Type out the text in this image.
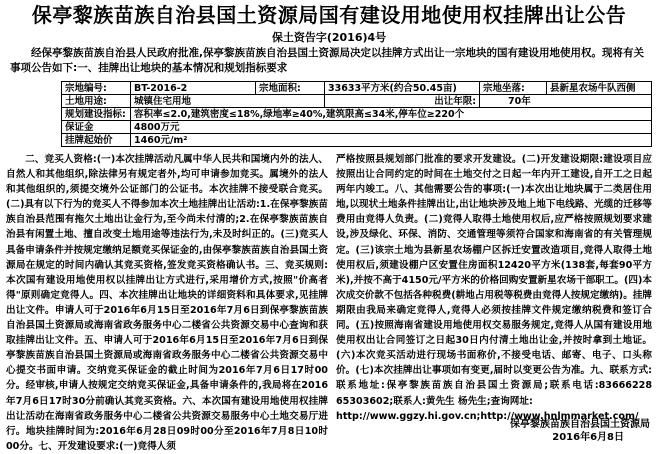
保亭黎族苗族自治县国土资源局国有建设用地使用权挂牌出让公告
保土资告字(2016)4号
经保亭黎族苗族自治县人民政府批准,保亭黎族苗族自治县国土资源局决定以挂牌方式出让一宗地块的国有建设用地使用权。现将有关事项公告如下:一、挂牌出让地块的基本情况和规划指标要求
宗地编号:	BT-2016-2	宗地面积:	33633平方米(约合50.45亩)	宗地坐落:	县新星农场牛队西侧
土地用途:	城镇住宅用地		出让年限:	70年	
规划建设指标:	容积率≤2.0,建筑密度≤18%,绿地率≥40%,建筑限高≤34米,停车位≥220个				
保证金	4800万元				
挂牌起始价	1460元/m²				

二、竞买人资格:(一)本次挂牌活动凡属中华人民共和国境内外的法人、自然人和其他组织,除法律另有规定者外,均可申请参加竞买。属境外的法人和其他组织的,须提交境外公证部门的公证书。本次挂牌不接受联合竞买。(二)具有以下行为的竞买人不得参加本次土地挂牌出让活动:1.在保亭黎族苗族自治县范围有拖欠土地出让金行为,至今尚未付清的;2.在保亭黎族苗族自治县有闲置土地、擅自改变土地用途等违法行为,未及时纠正的。(三)竞买人具备申请条件并按规定缴纳足额竞买保证金的,由保亭黎族苗族自治县国土资源局在规定的时间内确认其竞买资格,签发竞买资格确认书。三、竞买规则:本次国有建设用地使用权以挂牌出让方式进行,采用增价方式,按照"价高者得"原则确定竞得人。四、本次挂牌出让地块的详细资料和具体要求,见挂牌出让文件。申请人可于2016年6月15日至2016年7月6日到保亭黎族苗族自治县国土资源局或海南省政务服务中心二楼省公共资源交易中心查询和获取挂牌出让文件。五、申请人可于2016年6月15日至2016年7月6日到保亭黎族苗族自治县国土资源局或海南省政务服务中心二楼省公共资源交易中心提交书面申请。交纳竞买保证金的截止时间为2016年7月6日17时00分。经审核,申请人按规定交纳竞买保证金,具备申请条件的,我局将在2016年7月6日17时30分前确认其竞买资格。六、本次国有建设用地使用权挂牌出让活动在海南省政务服务中心二楼省公共资源交易服务中心土地交易厅进行。地块挂牌时间为:2016年6月28日09时00分至2016年7月8日10时00分。七、开发建设要求:(一)竞得人须

严格按照县规划部门批准的要求开发建设。(二)开发建设期限:建设项目应按照出让合同约定的时间在土地交付之日起一年内开工建设,自开工之日起两年内竣工。八、其他需要公告的事项:(一)本次出让地块属于二类居住用地,以现状土地条件挂牌出让,出让地块涉及地上地下电线路、光缆的迁移等费用由竞得人负责。(二)竞得人取得土地使用权后,应严格按照规划要求建设,涉及绿化、环保、消防、交通管理等须符合国家和海南省的有关管理规定。(三)该宗土地为县新星农场棚户区拆迁安置改造项目,竞得人取得土地使用权后,须建设棚户区安置住房面积12420平方米(138套,每套90平方米),并按不高于4150元/平方米的价格回购安置新星农场干部职工。(四)本次成交价款不包括各种税费(耕地占用税等税费由竞得人按规定缴纳)。挂牌期限由我局来确定竞得人,竞得人必须按挂牌文件规定缴纳税费和签订合同。(五)按照海南省建设用地使用权交易服务规定,竞得人从国有建设用地使用权出让合同签订之日起30日内付清土地出让金,并按时拿到土地证。(六)本次竞买活动进行现场书面称价,不接受电话、邮寄、电子、口头称价。(七)本次挂牌出让事项如有变更,届时以变更公告为准。九、联系方式:联系地址:保亭黎族苗族自治县国土资源局;联系电话:83666228 65303602;联系人:黄先生 杨先生;查询网址:

http://www.ggzy.hi.gov.cn;http://www.hnlmmarket.com/

保亭黎族苗族自治县国土资源局
2016年6月8日
